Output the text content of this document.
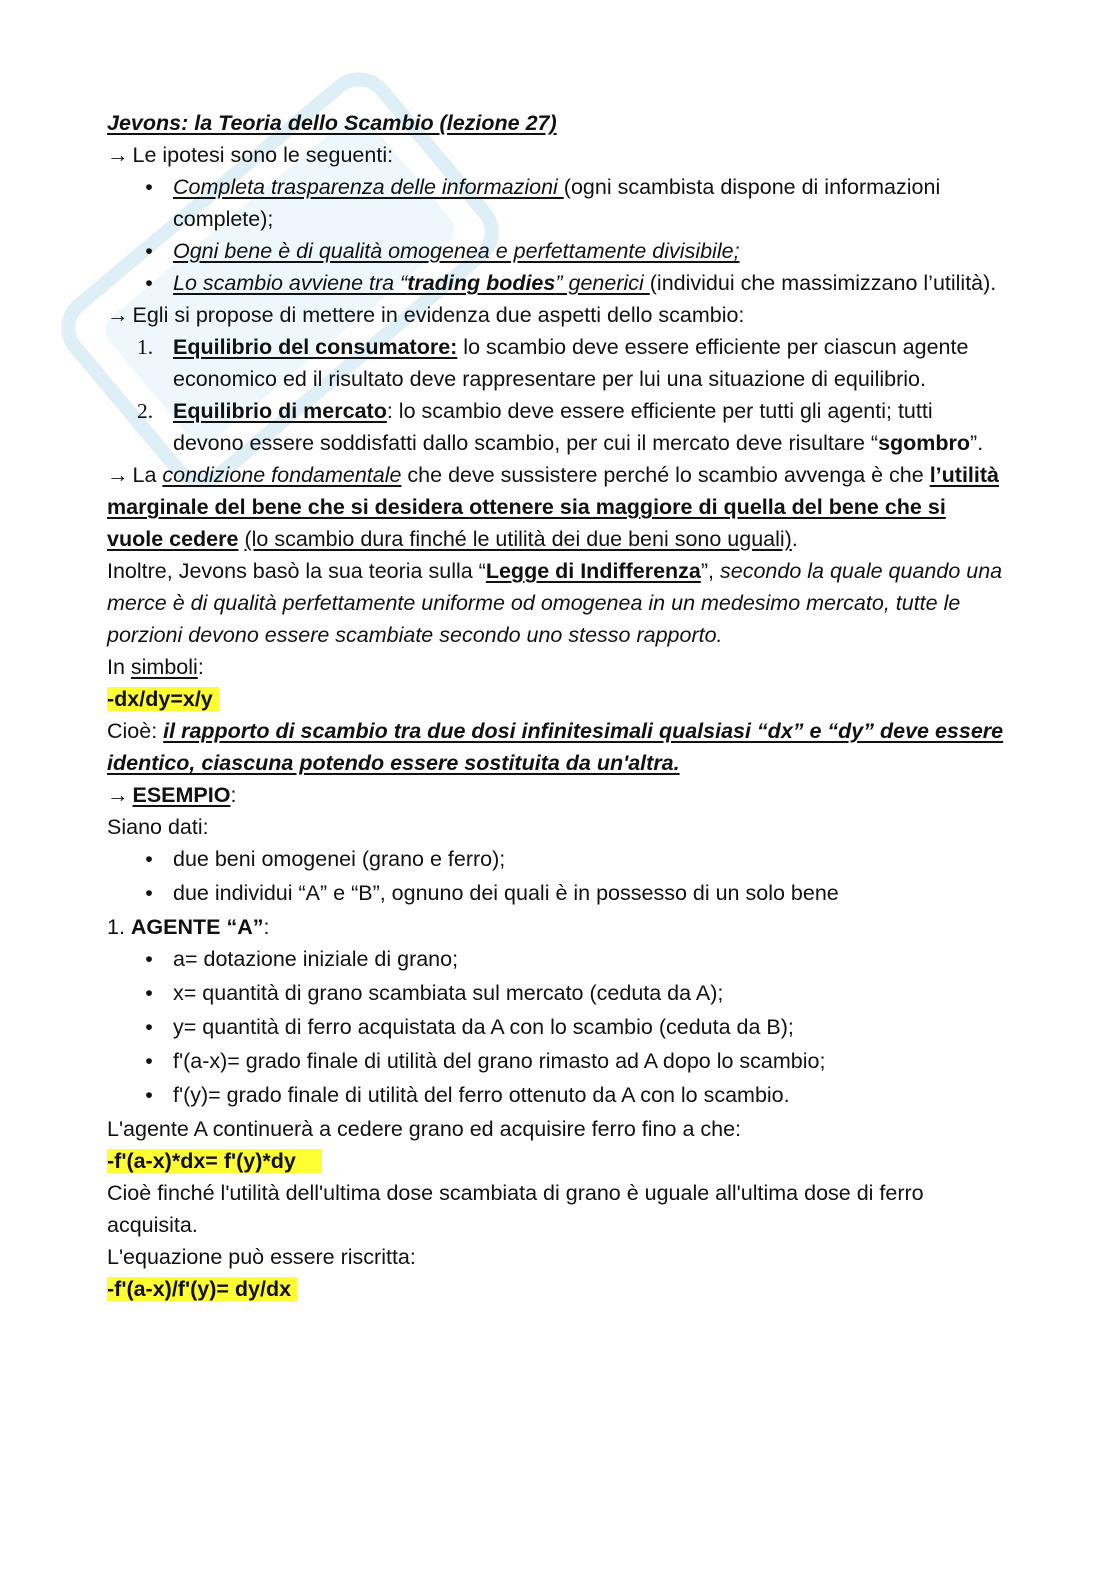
Jevons: la Teoria dello Scambio (lezione 27)
→ Le ipotesi sono le seguenti:
• Completa trasparenza delle informazioni (ogni scambista dispone di informazioni complete);
• Ogni bene è di qualità omogenea e perfettamente divisibile;
• Lo scambio avviene tra “trading bodies” generici (individui che massimizzano l’utilità).
→ Egli si propose di mettere in evidenza due aspetti dello scambio:
1. Equilibrio del consumatore: lo scambio deve essere efficiente per ciascun agente economico ed il risultato deve rappresentare per lui una situazione di equilibrio.
2. Equilibrio di mercato: lo scambio deve essere efficiente per tutti gli agenti; tutti devono essere soddisfatti dallo scambio, per cui il mercato deve risultare “sgombro”.
→ La condizione fondamentale che deve sussistere perché lo scambio avvenga è che l’utilità marginale del bene che si desidera ottenere sia maggiore di quella del bene che si vuole cedere (lo scambio dura finché le utilità dei due beni sono uguali).
Inoltre, Jevons basò la sua teoria sulla “Legge di Indifferenza”, secondo la quale quando una merce è di qualità perfettamente uniforme od omogenea in un medesimo mercato, tutte le porzioni devono essere scambiate secondo uno stesso rapporto.
In simboli:
-dx/dy=x/y
Cioè: il rapporto di scambio tra due dosi infinitesimali qualsiasi “dx” e “dy” deve essere identico, ciascuna potendo essere sostituita da un'altra.
→ ESEMPIO:
Siano dati:
• due beni omogenei (grano e ferro);
• due individui “A” e “B”, ognuno dei quali è in possesso di un solo bene
1. AGENTE “A”:
• a= dotazione iniziale di grano;
• x= quantità di grano scambiata sul mercato (ceduta da A);
• y= quantità di ferro acquistata da A con lo scambio (ceduta da B);
• f'(a-x)= grado finale di utilità del grano rimasto ad A dopo lo scambio;
• f'(y)= grado finale di utilità del ferro ottenuto da A con lo scambio.
L'agente A continuerà a cedere grano ed acquisire ferro fino a che:
-f'(a-x)*dx= f'(y)*dy
Cioè finché l'utilità dell'ultima dose scambiata di grano è uguale all'ultima dose di ferro acquisita.
L'equazione può essere riscritta:
-f'(a-x)/f'(y)= dy/dx
